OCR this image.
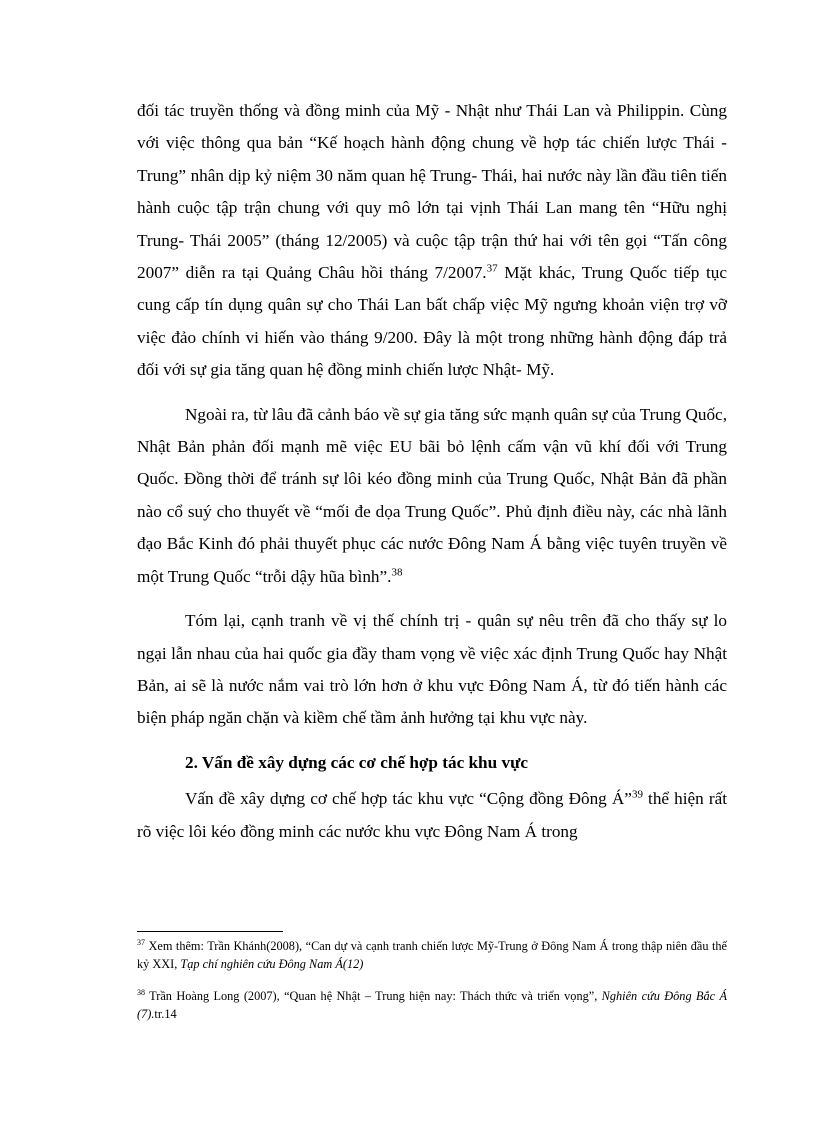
đối tác truyền thống và đồng minh của Mỹ - Nhật như Thái Lan và Philippin. Cùng với việc thông qua bản “Kế hoạch hành động chung về hợp tác chiến lược Thái - Trung” nhân dịp kỷ niệm 30 năm quan hệ Trung- Thái, hai nước này lần đầu tiên tiến hành cuộc tập trận chung với quy mô lớn tại vịnh Thái Lan mang tên “Hữu nghị Trung- Thái 2005” (tháng 12/2005) và cuộc tập trận thứ hai với tên gọi “Tấn công 2007” diễn ra tại Quảng Châu hồi tháng 7/2007.37 Mặt khác, Trung Quốc tiếp tục cung cấp tín dụng quân sự cho Thái Lan bất chấp việc Mỹ ngưng khoản viện trợ vỡ việc đảo chính vi hiến vào tháng 9/200. Đây là một trong những hành động đáp trả đối với sự gia tăng quan hệ đồng minh chiến lược Nhật- Mỹ.

Ngoài ra, từ lâu đã cảnh báo về sự gia tăng sức mạnh quân sự của Trung Quốc, Nhật Bản phản đối mạnh mẽ việc EU bãi bỏ lệnh cấm vận vũ khí đối với Trung Quốc. Đồng thời để tránh sự lôi kéo đồng minh của Trung Quốc, Nhật Bản đã phần nào cổ suý cho thuyết về “mối đe dọa Trung Quốc”. Phủ định điều này, các nhà lãnh đạo Bắc Kinh đó phải thuyết phục các nước Đông Nam Á bằng việc tuyên truyền về một Trung Quốc “trỗi dậy hũa bình”.$^{38}$

Tóm lại, cạnh tranh về vị thế chính trị - quân sự nêu trên đã cho thấy sự lo ngại lẫn nhau của hai quốc gia đầy tham vọng về việc xác định Trung Quốc hay Nhật Bản, ai sẽ là nước nắm vai trò lớn hơn ở khu vực Đông Nam Á, từ đó tiến hành các biện pháp ngăn chặn và kiềm chế tầm ảnh hưởng tại khu vực này.

2. Vấn đề xây dựng các cơ chế hợp tác khu vực

Vấn đề xây dựng cơ chế hợp tác khu vực “Cộng đồng Đông Á”$^{39}$ thể hiện rất rõ việc lôi kéo đồng minh các nước khu vực Đông Nam Á trong

$^{37}$ Xem thêm: Trần Khánh(2008), “Can dự và cạnh tranh chiến lược Mỹ-Trung ở Đông Nam Á trong thập niên đầu thế kỷ XXI, Tạp chí nghiên cứu Đông Nam Á(12)

$^{38}$ Trần Hoàng Long (2007), “Quan hệ Nhật – Trung hiện nay: Thách thức và triển vọng”, Nghiên cứu Đông Bắc Á (7).tr.14
